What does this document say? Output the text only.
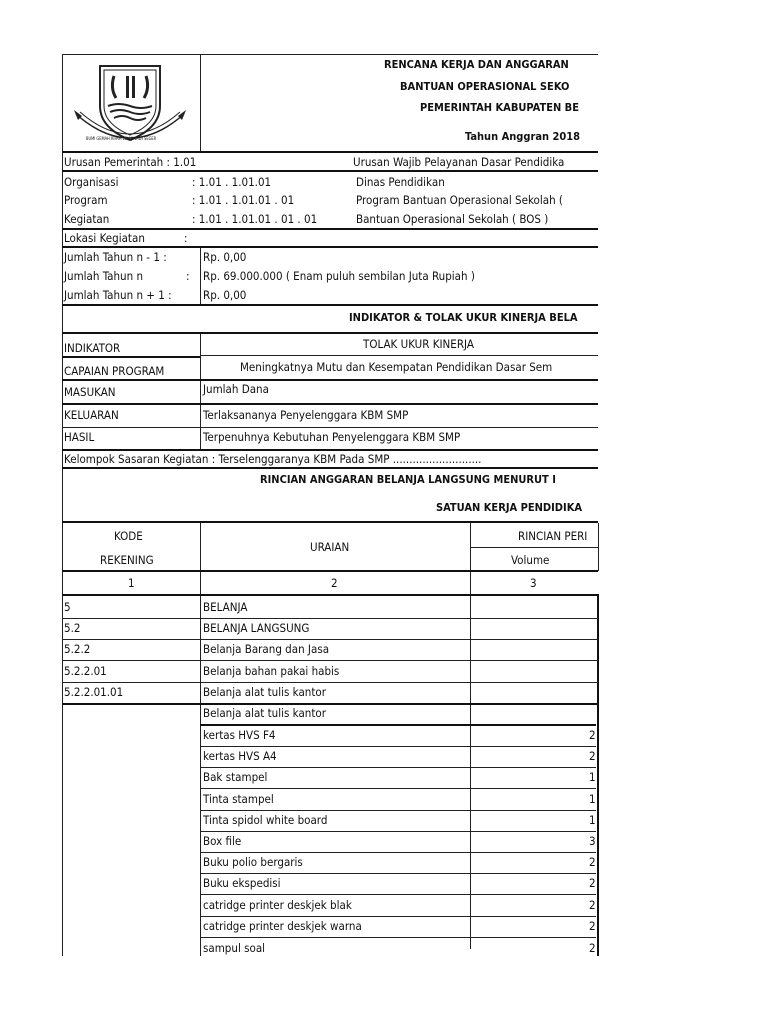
BUMI GEMAH RIPAH LOH JINAWI SEGER
RENCANA KERJA DAN ANGGARAN
BANTUAN OPERASIONAL SEKO
PEMERINTAH KABUPATEN BE
Tahun Anggran 2018
Urusan Pemerintah : 1.01	Urusan Wajib Pelayanan Dasar Pendidika
Organisasi	: 1.01 . 1.01.01	Dinas Pendidikan
Program	: 1.01 . 1.01.01 . 01	Program Bantuan Operasional Sekolah (
Kegiatan	: 1.01 . 1.01.01 . 01 . 01	Bantuan Operasional Sekolah ( BOS )
Lokasi Kegiatan	:
Jumlah Tahun n - 1 :	Rp. 0,00
Jumlah Tahun n	: Rp. 69.000.000 ( Enam puluh sembilan Juta Rupiah )
Jumlah Tahun n + 1 :	Rp. 0,00
INDIKATOR & TOLAK UKUR KINERJA BELA
INDIKATOR	TOLAK UKUR KINERJA
CAPAIAN PROGRAM	Meningkatnya Mutu dan Kesempatan Pendidikan Dasar Sem
MASUKAN	Jumlah Dana
KELUARAN	Terlaksananya Penyelenggara KBM SMP
HASIL	Terpenuhnya Kebutuhan Penyelenggara KBM SMP
Kelompok Sasaran Kegiatan : Terselenggaranya KBM Pada SMP ...........................
RINCIAN ANGGARAN BELANJA LANGSUNG MENURUT I
SATUAN KERJA PENDIDIKA
KODE
REKENING
URAIAN
RINCIAN PERI
Volume
1	2	3
5	BELANJA
5.2	BELANJA LANGSUNG
5.2.2	Belanja Barang dan Jasa
5.2.2.01	Belanja bahan pakai habis
5.2.2.01.01	Belanja alat tulis kantor
Belanja alat tulis kantor
kertas HVS F4	2
kertas HVS A4	2
Bak stampel	1
Tinta stampel	1
Tinta spidol white board	1
Box file	3
Buku polio bergaris	2
Buku ekspedisi	2
catridge printer deskjek blak	2
catridge printer deskjek warna	2
sampul soal	2
